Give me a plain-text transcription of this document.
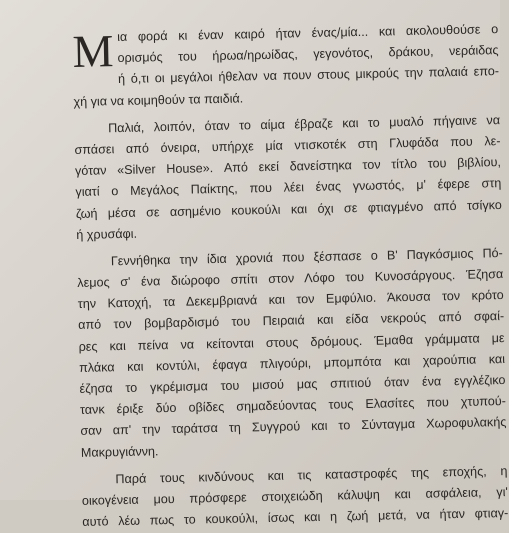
Μ ια φορά κι έναν καιρό ήταν ένας/μία... και ακολουθούσε ο
ορισμός του ήρωα/ηρωίδας, γεγονότος, δράκου, νεράιδας
ή ό,τι οι μεγάλοι ήθελαν να πουν στους μικρούς την παλαιά επο-
χή για να κοιμηθούν τα παιδιά.
Παλιά, λοιπόν, όταν το αίμα έβραζε και το μυαλό πήγαινε να
σπάσει από όνειρα, υπήρχε μία ντισκοτέκ στη Γλυφάδα που λε-
γόταν «Silver House». Από εκεί δανείστηκα τον τίτλο του βιβλίου,
γιατί ο Μεγάλος Παίκτης, που λέει ένας γνωστός, μ' έφερε στη
ζωή μέσα σε ασημένιο κουκούλι και όχι σε φτιαγμένο από τσίγκο
ή χρυσάφι.
Γεννήθηκα την ίδια χρονιά που ξέσπασε ο Β' Παγκόσμιος Πό-
λεμος σ' ένα διώροφο σπίτι στον Λόφο του Κυνοσάργους. Έζησα
την Κατοχή, τα Δεκεμβριανά και τον Εμφύλιο. Άκουσα τον κρότο
από τον βομβαρδισμό του Πειραιά και είδα νεκρούς από σφαί-
ρες και πείνα να κείτονται στους δρόμους. Έμαθα γράμματα με
πλάκα και κοντύλι, έφαγα πλιγούρι, μπομπότα και χαρούπια και
έζησα το γκρέμισμα του μισού μας σπιτιού όταν ένα εγγλέζικο
τανκ έριξε δύο οβίδες σημαδεύοντας τους Ελασίτες που χτυπού-
σαν απ' την ταράτσα τη Συγγρού και το Σύνταγμα Χωροφυλακής
Μακρυγιάννη.
Παρά τους κινδύνους και τις καταστροφές της εποχής, η
οικογένεια μου πρόσφερε στοιχειώδη κάλυψη και ασφάλεια, γι'
αυτό λέω πως το κουκούλι, ίσως και η ζωή μετά, να ήταν φτιαγ-
